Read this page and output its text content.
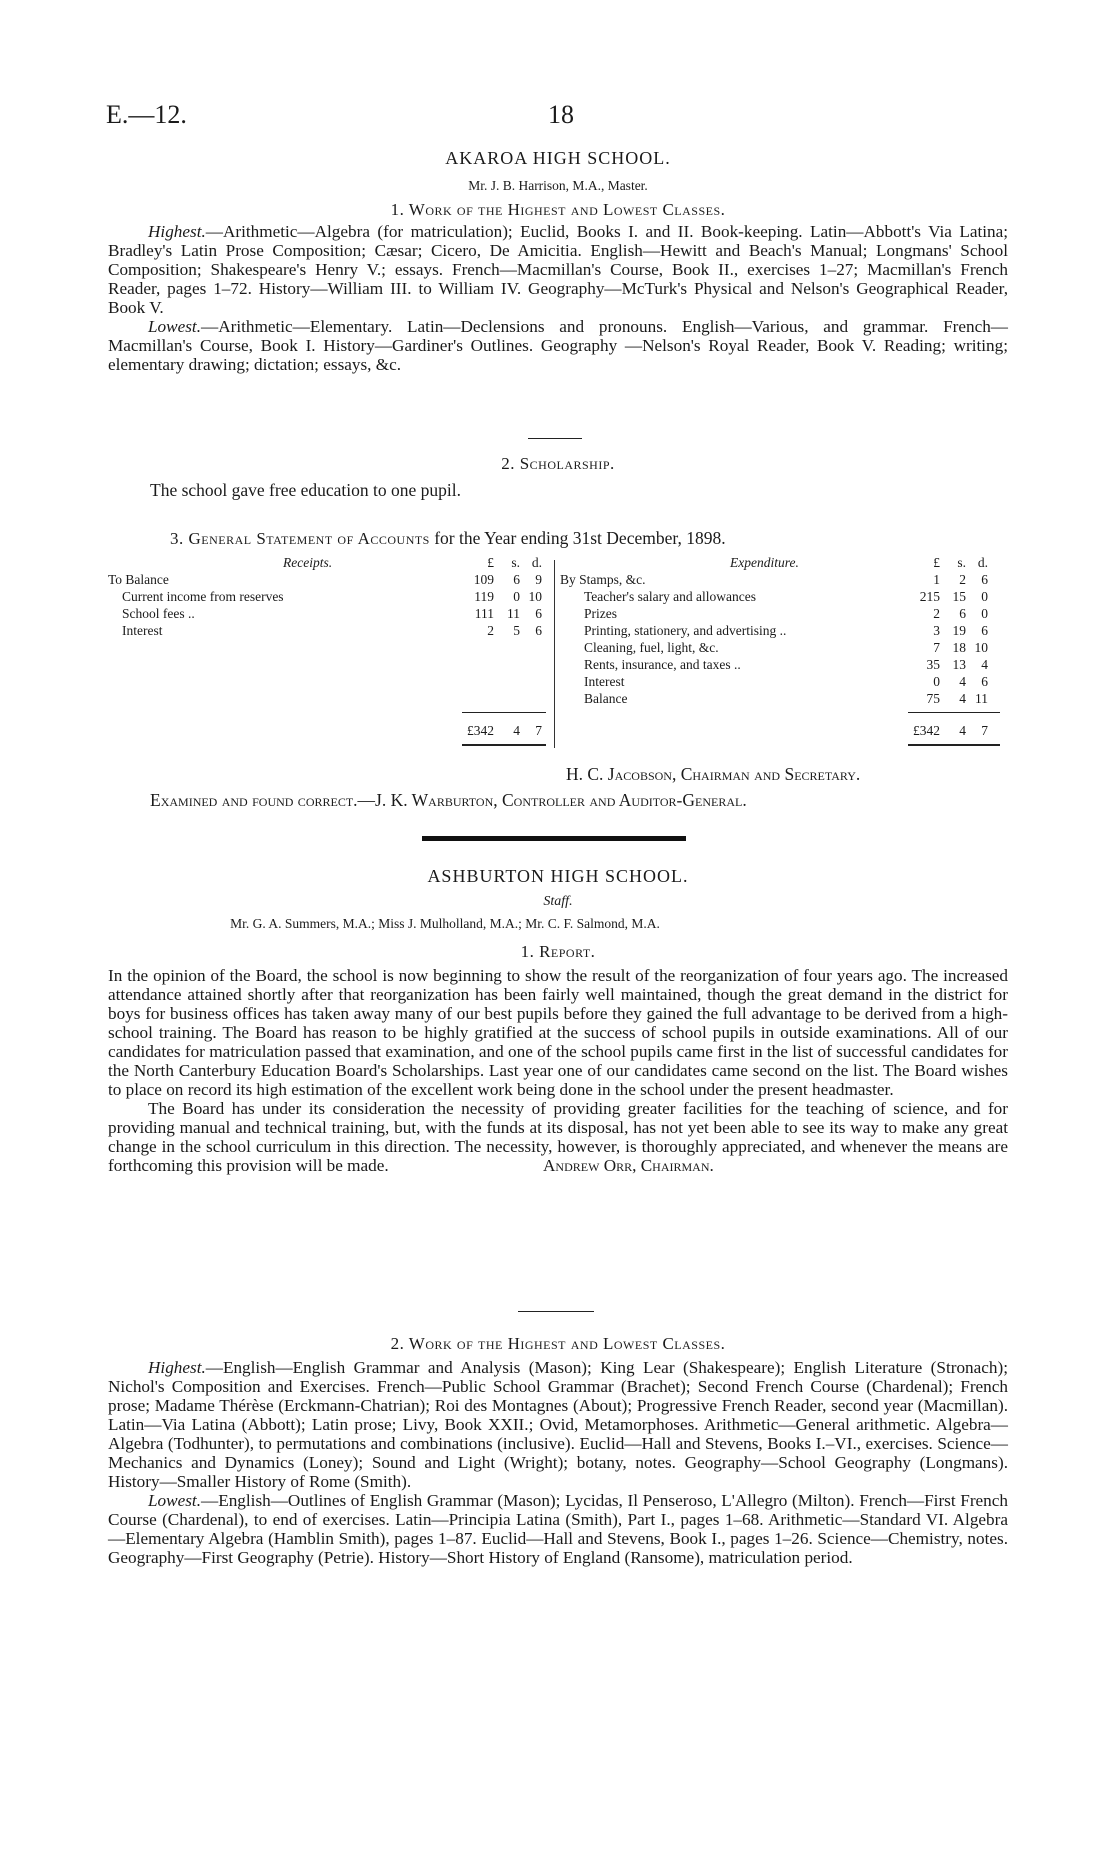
E.—12.	18
AKAROA HIGH SCHOOL.
Mr. J. B. Harrison, M.A., Master.
1. Work of the Highest and Lowest Classes.

Highest.—Arithmetic—Algebra (for matriculation); Euclid, Books I. and II. Book-keeping. Latin—Abbott's Via Latina; Bradley's Latin Prose Composition; Cæsar; Cicero, De Amicitia. English—Hewitt and Beach's Manual; Longmans' School Composition; Shakespeare's Henry V.; essays. French—Macmillan's Course, Book II., exercises 1–27; Macmillan's French Reader, pages 1–72. History—William III. to William IV. Geography—McTurk's Physical and Nelson's Geographical Reader, Book V.

Lowest.—Arithmetic—Elementary. Latin—Declensions and pronouns. English—Various, and grammar. French—Macmillan's Course, Book I. History—Gardiner's Outlines. Geography —Nelson's Royal Reader, Book V. Reading; writing; elementary drawing; dictation; essays, &c.

2. Scholarship.
The school gave free education to one pupil.
3. General Statement of Accounts for the Year ending 31st December, 1898.
Receipts.	£	s. d.
To Balance	109	6	9
Current income from reserves	119	0 10
School fees ..	111 11	6
Interest	2	5	6
Expenditure.	£	s. d.
By Stamps, &c.	1	2	6
Teacher's salary and allowances	215 15	0
Prizes	2	6	0
Printing, stationery, and advertising ..	3 19	6
Cleaning, fuel, light, &c.	7 18 10
Rents, insurance, and taxes ..	35 13	4
Interest	0	4	6
Balance	75	4 11
£342	4	7	£342	4	7
H. C. Jacobson, Chairman and Secretary.
Examined and found correct.—J. K. Warburton, Controller and Auditor-General.
ASHBURTON HIGH SCHOOL.
Staff.
Mr. G. A. Summers, M.A.; Miss J. Mulholland, M.A.; Mr. C. F. Salmond, M.A.
1. Report.

In the opinion of the Board, the school is now beginning to show the result of the reorganization of four years ago. The increased attendance attained shortly after that reorganization has been fairly well maintained, though the great demand in the district for boys for business offices has taken away many of our best pupils before they gained the full advantage to be derived from a high-school training. The Board has reason to be highly gratified at the success of school pupils in outside examinations. All of our candidates for matriculation passed that examination, and one of the school pupils came first in the list of successful candidates for the North Canterbury Education Board's Scholarships. Last year one of our candidates came second on the list. The Board wishes to place on record its high estimation of the excellent work being done in the school under the present headmaster.

The Board has under its consideration the necessity of providing greater facilities for the teaching of science, and for providing manual and technical training, but, with the funds at its disposal, has not yet been able to see its way to make any great change in the school curriculum in this direction. The necessity, however, is thoroughly appreciated, and whenever the means are forthcoming this provision will be made.	Andrew Orr, Chairman.

2. Work of the Highest and Lowest Classes.

Highest.—English—English Grammar and Analysis (Mason); King Lear (Shakespeare); English Literature (Stronach); Nichol's Composition and Exercises. French—Public School Grammar (Brachet); Second French Course (Chardenal); French prose; Madame Thérèse (Erckmann-Chatrian); Roi des Montagnes (About); Progressive French Reader, second year (Macmillan). Latin—Via Latina (Abbott); Latin prose; Livy, Book XXII.; Ovid, Metamorphoses. Arithmetic—General arithmetic. Algebra—Algebra (Todhunter), to permutations and combinations (inclusive). Euclid—Hall and Stevens, Books I.–VI., exercises. Science—Mechanics and Dynamics (Loney); Sound and Light (Wright); botany, notes. Geography—School Geography (Longmans). History—Smaller History of Rome (Smith).

Lowest.—English—Outlines of English Grammar (Mason); Lycidas, Il Penseroso, L'Allegro (Milton). French—First French Course (Chardenal), to end of exercises. Latin—Principia Latina (Smith), Part I., pages 1–68. Arithmetic—Standard VI. Algebra—Elementary Algebra (Hamblin Smith), pages 1–87. Euclid—Hall and Stevens, Book I., pages 1–26. Science—Chemistry, notes. Geography—First Geography (Petrie). History—Short History of England (Ransome), matriculation period.
